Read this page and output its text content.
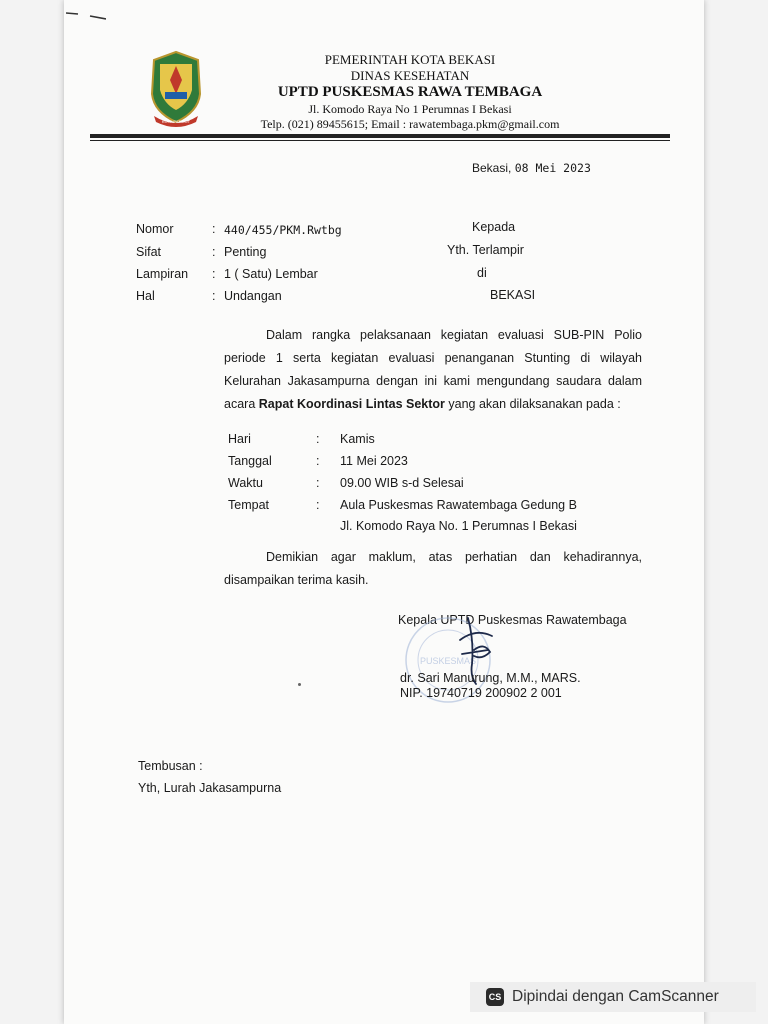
KOTA PATRIOT
PEMERINTAH KOTA BEKASI
DINAS KESEHATAN
UPTD PUSKESMAS RAWA TEMBAGA
Jl. Komodo Raya No 1 Perumnas I Bekasi
Telp. (021) 89455615; Email : rawatembaga.pkm@gmail.com
Bekasi, 08 Mei 2023
Nomor	: 440/455/PKM.Rwtbg
Sifat	: Penting
Lampiran : 1 ( Satu) Lembar
Hal	: Undangan
Kepada
Yth. Terlampir
di
BEKASI
Dalam rangka pelaksanaan kegiatan evaluasi SUB-PIN Polio periode 1 serta kegiatan evaluasi penanganan Stunting di wilayah Kelurahan Jakasampurna dengan ini kami mengundang saudara dalam acara Rapat Koordinasi Lintas Sektor yang akan dilaksanakan pada :
Hari	: Kamis
Tanggal	: 11 Mei 2023
Waktu	: 09.00 WIB s-d Selesai
Tempat	: Aula Puskesmas Rawatembaga Gedung B
Jl. Komodo Raya No. 1 Perumnas I Bekasi
Demikian agar maklum, atas perhatian dan kehadirannya, disampaikan terima kasih.
Kepala UPTD Puskesmas Rawatembaga
PUSKESMAS
dr. Sari Manurung, M.M., MARS.
NIP. 19740719 200902 2 001
Tembusan :
Yth, Lurah Jakasampurna
CS Dipindai dengan CamScanner
